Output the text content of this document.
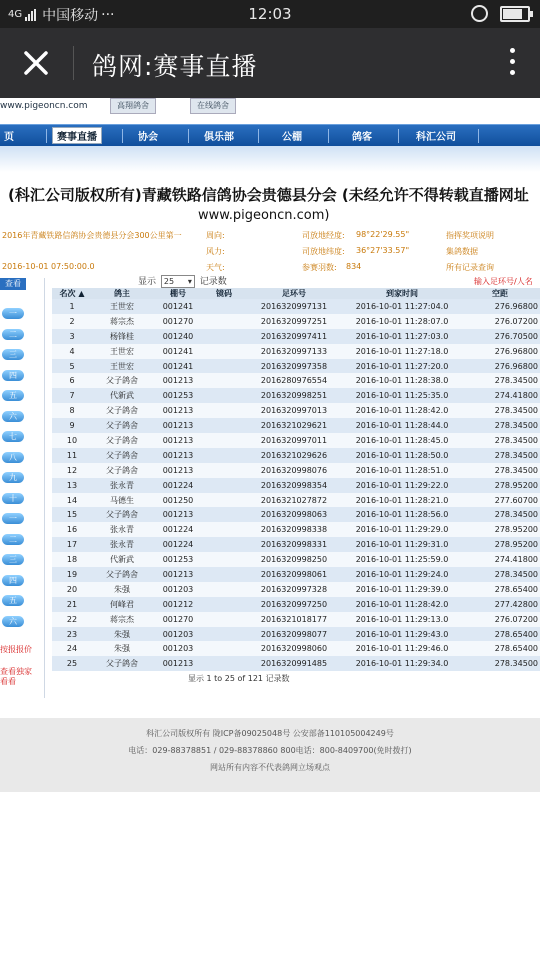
4G 中国移动 ···	12:03
鸽网:赛事直播
www.pigeoncn.com	高翔鸽舍	在线鸽舍
页	赛事直播	协会	俱乐部	公棚	鸽客	科汇公司
(科汇公司版权所有)青藏铁路信鸽协会贵德县分会 (未经允许不得转载直播网址
www.pigeoncn.com)
2016年青藏铁路信鸽协会贵德县分会300公里第一	周向:	司放地经度: 98°22'29.55"	指挥奖项说明
风力:	司放地纬度: 36°27'33.57"	集鸽数据
2016-10-01 07:50:00.0	天气:	参赛羽数: 834	所有记录查询
显示 25 ▾	记录数	输入足环号/人名
查看
一
二
三
四
五
六
七
八
九
十
一
二
三
四
五
六
按报报价
查看独家
看看
名次 ▲	鸽主	棚号	镜码	足环号	到家时间	空距
1	王世宏	001241		2016320997131	2016-10-01 11:27:04.0	276.96800
2	蒋宗杰	001270		2016320997251	2016-10-01 11:28:07.0	276.07200
3	杨锋桂	001240		2016320997411	2016-10-01 11:27:03.0	276.70500
4	王世宏	001241		2016320997133	2016-10-01 11:27:18.0	276.96800
5	王世宏	001241		2016320997358	2016-10-01 11:27:20.0	276.96800
6	父子鸽舍	001213		2016280976554	2016-10-01 11:28:38.0	278.34500
7	代新武	001253		2016320998251	2016-10-01 11:25:35.0	274.41800
8	父子鸽舍	001213		2016320997013	2016-10-01 11:28:42.0	278.34500
9	父子鸽舍	001213		2016321029621	2016-10-01 11:28:44.0	278.34500
10	父子鸽舍	001213		2016320997011	2016-10-01 11:28:45.0	278.34500
11	父子鸽舍	001213		2016321029626	2016-10-01 11:28:50.0	278.34500
12	父子鸽舍	001213		2016320998076	2016-10-01 11:28:51.0	278.34500
13	张永青	001224		2016320998354	2016-10-01 11:29:22.0	278.95200
14	马德生	001250		2016321027872	2016-10-01 11:28:21.0	277.60700
15	父子鸽舍	001213		2016320998063	2016-10-01 11:28:56.0	278.34500
16	张永青	001224		2016320998338	2016-10-01 11:29:29.0	278.95200
17	张永青	001224		2016320998331	2016-10-01 11:29:31.0	278.95200
18	代新武	001253		2016320998250	2016-10-01 11:25:59.0	274.41800
19	父子鸽舍	001213		2016320998061	2016-10-01 11:29:24.0	278.34500
20	朱强	001203		2016320997328	2016-10-01 11:29:39.0	278.65400
21	何峰君	001212		2016320997250	2016-10-01 11:28:42.0	277.42800
22	蒋宗杰	001270		2016321018177	2016-10-01 11:29:13.0	276.07200
23	朱强	001203		2016320998077	2016-10-01 11:29:43.0	278.65400
24	朱强	001203		2016320998060	2016-10-01 11:29:46.0	278.65400
25	父子鸽舍	001213		2016320991485	2016-10-01 11:29:34.0	278.34500
显示 1 to 25 of 121 记录数
科汇公司版权所有 陇ICP备09025048号 公安部备110105004249号
电话：029-88378851 / 029-88378860 800电话：800-8409700(免时拨打)
网站所有内容不代表鸽网立场观点
